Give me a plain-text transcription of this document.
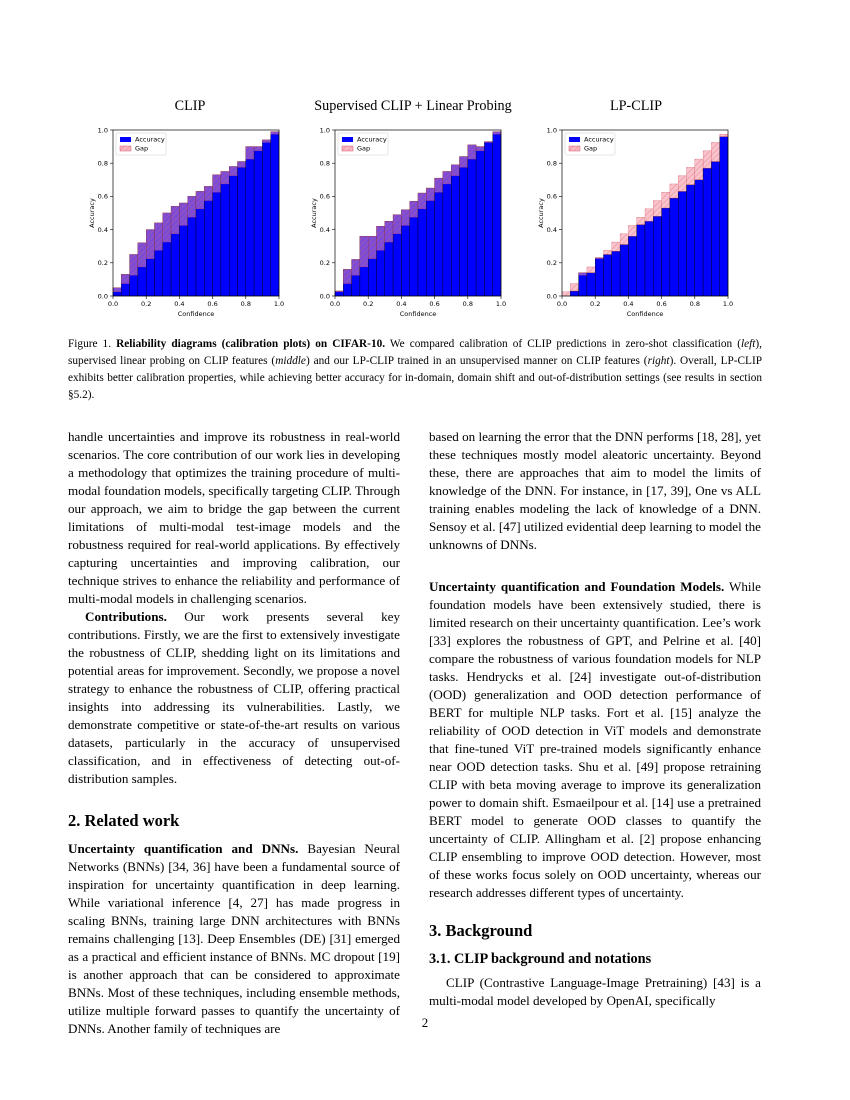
CLIP	Supervised CLIP + Linear Probing	LP-CLIP
0.0	0.2	0.4	0.6	0.8	1.0
0.0
0.2
0.4
0.6
0.8
1.0
Confidence
Accuracy
Accuracy
Gap
0.0	0.2	0.4	0.6	0.8	1.0
0.0
0.2
0.4
0.6
0.8
1.0
Confidence
Accuracy
Accuracy
Gap
0.0	0.2	0.4	0.6	0.8	1.0
0.0
0.2
0.4
0.6
0.8
1.0
Confidence
Accuracy
Accuracy
Gap

Figure 1. Reliability diagrams (calibration plots) on CIFAR-10. We compared calibration of CLIP predictions in zero-shot classification (left), supervised linear probing on CLIP features (middle) and our LP-CLIP trained in an unsupervised manner on CLIP features (right). Overall, LP-CLIP exhibits better calibration properties, while achieving better accuracy for in-domain, domain shift and out-of-distribution settings (see results in section §5.2).

handle uncertainties and improve its robustness in real-world scenarios. The core contribution of our work lies in developing a methodology that optimizes the training procedure of multi-modal foundation models, specifically targeting CLIP. Through our approach, we aim to bridge the gap between the current limitations of multi-modal test-image models and the robustness required for real-world applications. By effectively capturing uncertainties and improving calibration, our technique strives to enhance the reliability and performance of multi-modal models in challenging scenarios.

Contributions. Our work presents several key contributions. Firstly, we are the first to extensively investigate the robustness of CLIP, shedding light on its limitations and potential areas for improvement. Secondly, we propose a novel strategy to enhance the robustness of CLIP, offering practical insights into addressing its vulnerabilities. Lastly, we demonstrate competitive or state-of-the-art results on various datasets, particularly in the accuracy of unsupervised classification, and in effectiveness of detecting out-of-distribution samples.

2. Related work

Uncertainty quantification and DNNs. Bayesian Neural Networks (BNNs) [34, 36] have been a fundamental source of inspiration for uncertainty quantification in deep learning. While variational inference [4, 27] has made progress in scaling BNNs, training large DNN architectures with BNNs remains challenging [13]. Deep Ensembles (DE) [31] emerged as a practical and efficient instance of BNNs. MC dropout [19] is another approach that can be considered to approximate BNNs. Most of these techniques, including ensemble methods, utilize multiple forward passes to quantify the uncertainty of DNNs. Another family of techniques are

based on learning the error that the DNN performs [18, 28], yet these techniques mostly model aleatoric uncertainty. Beyond these, there are approaches that aim to model the limits of knowledge of the DNN. For instance, in [17, 39], One vs ALL training enables modeling the lack of knowledge of a DNN. Sensoy et al. [47] utilized evidential deep learning to model the unknowns of DNNs.

Uncertainty quantification and Foundation Models. While foundation models have been extensively studied, there is limited research on their uncertainty quantification. Lee’s work [33] explores the robustness of GPT, and Pelrine et al. [40] compare the robustness of various foundation models for NLP tasks. Hendrycks et al. [24] investigate out-of-distribution (OOD) generalization and OOD detection performance of BERT for multiple NLP tasks. Fort et al. [15] analyze the reliability of OOD detection in ViT models and demonstrate that fine-tuned ViT pre-trained models significantly enhance near OOD detection tasks. Shu et al. [49] propose retraining CLIP with beta moving average to improve its generalization power to domain shift. Esmaeilpour et al. [14] use a pretrained BERT model to generate OOD classes to quantify the uncertainty of CLIP. Allingham et al. [2] propose enhancing CLIP ensembling to improve OOD detection. However, most of these works focus solely on OOD uncertainty, whereas our research addresses different types of uncertainty.

3. Background
3.1. CLIP background and notations

CLIP (Contrastive Language-Image Pretraining) [43] is a multi-modal model developed by OpenAI, specifically

2
